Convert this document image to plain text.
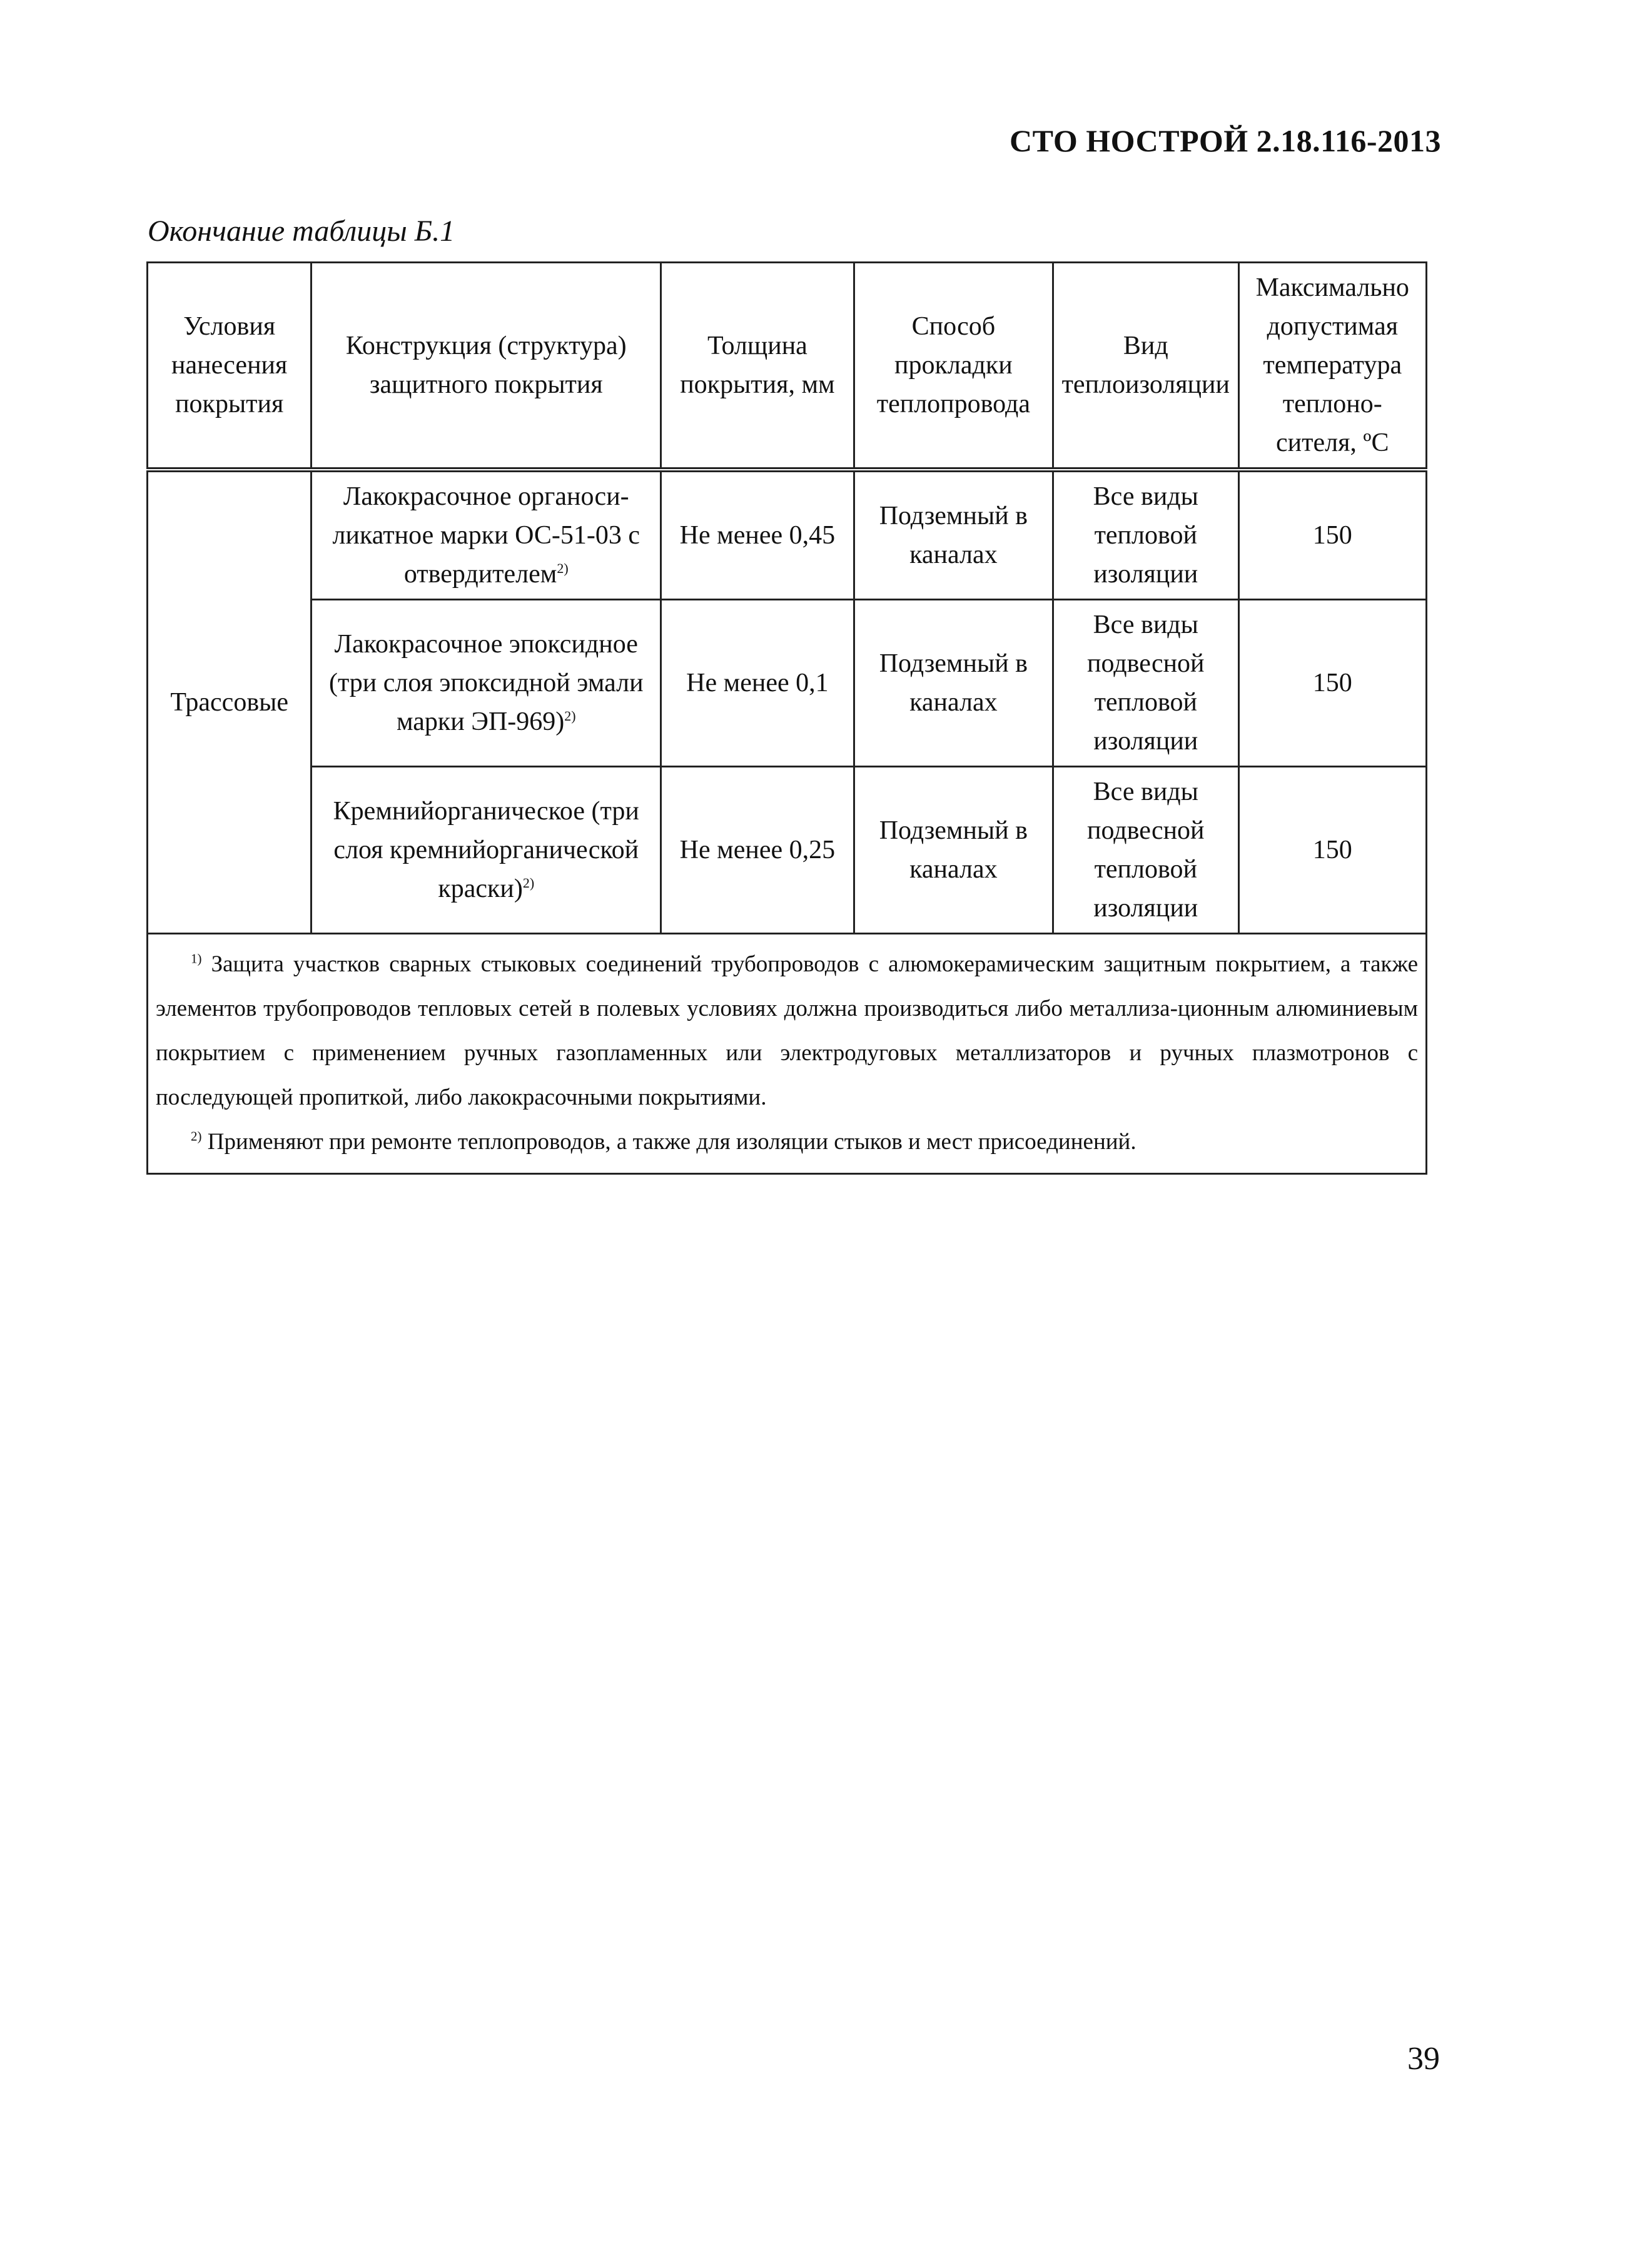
СТО НОСТРОЙ 2.18.116-2013
Окончание таблицы Б.1
Условия нанесения покрытия	Конструкция (структура) защитного покрытия	Толщина покрытия, мм	Способ прокладки теплопровода	Вид теплоизоляции	Максимально допустимая температура теплоно-сителя, ºС
Трассовые	Лакокрасочное органоси-ликатное марки ОС-51-03 с отвердителем$^{2)}$	Не менее 0,45	Подземный в каналах	Все виды тепловой изоляции	150
	Лакокрасочное эпоксидное (три слоя эпоксидной эмали марки ЭП-969)$^{2)}$	Не менее 0,1	Подземный в каналах	Все виды подвесной тепловой изоляции	150
	Кремнийорганическое (три слоя кремнийорганической краски)$^{2)}$	Не менее 0,25	Подземный в каналах	Все виды подвесной тепловой изоляции	150

$^{1)}$ Защита участков сварных стыковых соединений трубопроводов с алюмокерамическим защитным покрытием, а также элементов трубопроводов тепловых сетей в полевых условиях должна производиться либо металлиза-ционным алюминиевым покрытием с применением ручных газопламенных или электродуговых металлизаторов и ручных плазмотронов с последующей пропиткой, либо лакокрасочными покрытиями.

$^{2)}$ Применяют при ремонте теплопроводов, а также для изоляции стыков и мест присоединений.					

39
